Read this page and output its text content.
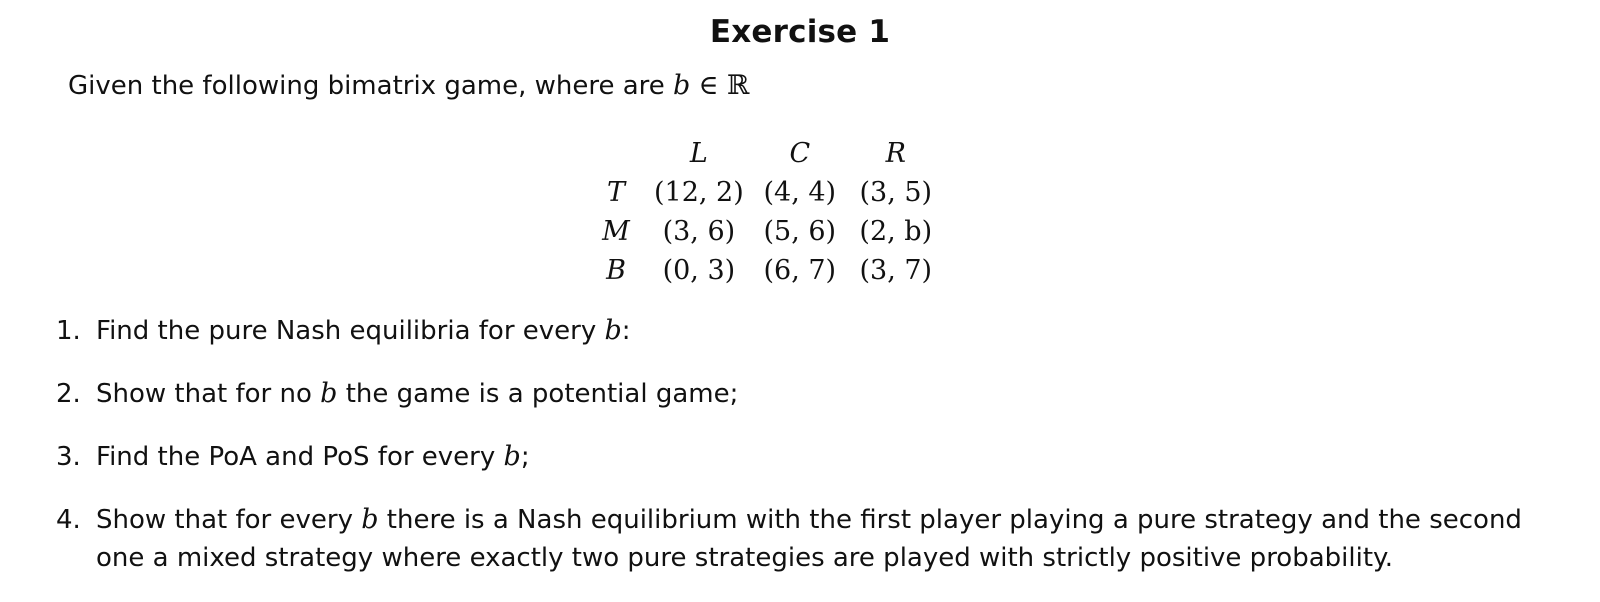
Exercise 1
Given the following bimatrix game, where are b ∈ ℝ
	L	C	R
T	(12, 2)	(4, 4)	(3, 5)
M	(3, 6)	(5, 6)	(2, b)
B	(0, 3)	(6, 7)	(3, 7)
1. Find the pure Nash equilibria for every b:
2. Show that for no b the game is a potential game;
3. Find the PoA and PoS for every b;
4. Show that for every b there is a Nash equilibrium with the first player playing a pure strategy and the second one a mixed strategy where exactly two pure strategies are played with strictly positive probability.
